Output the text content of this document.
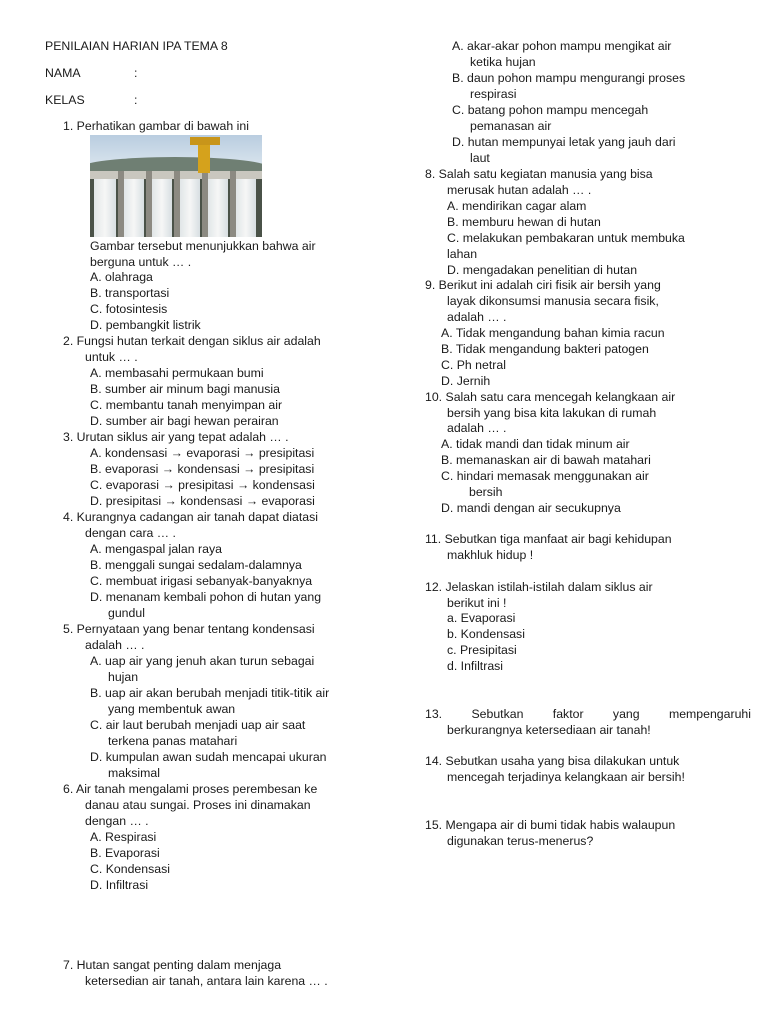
PENILAIAN HARIAN IPA TEMA 8
NAMA	:
KELAS	:
1. Perhatikan gambar di bawah ini
Gambar tersebut menunjukkan bahwa air
berguna untuk … .
A. olahraga
B. transportasi
C. fotosintesis
D. pembangkit listrik
2. Fungsi hutan terkait dengan siklus air adalah
untuk … .
A. membasahi permukaan bumi
B. sumber air minum bagi manusia
C. membantu tanah menyimpan air
D. sumber air bagi hewan perairan
3. Urutan siklus air yang tepat adalah … .
A. kondensasi → evaporasi → presipitasi
B. evaporasi → kondensasi → presipitasi
C. evaporasi → presipitasi → kondensasi
D. presipitasi → kondensasi → evaporasi
4. Kurangnya cadangan air tanah dapat diatasi
dengan cara … .
A. mengaspal jalan raya
B. menggali sungai sedalam-dalamnya
C. membuat irigasi sebanyak-banyaknya
D. menanam kembali pohon di hutan yang
gundul
5. Pernyataan yang benar tentang kondensasi
adalah … .
A. uap air yang jenuh akan turun sebagai
hujan
B. uap air akan berubah menjadi titik-titik air
yang membentuk awan
C. air laut berubah menjadi uap air saat
terkena panas matahari
D. kumpulan awan sudah mencapai ukuran
maksimal
6. Air tanah mengalami proses perembesan ke
danau atau sungai. Proses ini dinamakan
dengan … .
A. Respirasi
B. Evaporasi
C. Kondensasi
D. Infiltrasi
7. Hutan sangat penting dalam menjaga
ketersedian air tanah, antara lain karena … .
A. akar-akar pohon mampu mengikat air
ketika hujan
B. daun pohon mampu mengurangi proses
respirasi
C. batang pohon mampu mencegah
pemanasan air
D. hutan mempunyai letak yang jauh dari
laut
8. Salah satu kegiatan manusia yang bisa
merusak hutan adalah … .
A. mendirikan cagar alam
B. memburu hewan di hutan
C. melakukan pembakaran untuk membuka
lahan
D. mengadakan penelitian di hutan
9. Berikut ini adalah ciri fisik air bersih yang
layak dikonsumsi manusia secara fisik,
adalah … .
A. Tidak mengandung bahan kimia racun
B. Tidak mengandung bakteri patogen
C. Ph netral
D. Jernih
10. Salah satu cara mencegah kelangkaan air
bersih yang bisa kita lakukan di rumah
adalah … .
A. tidak mandi dan tidak minum air
B. memanaskan air di bawah matahari
C. hindari memasak menggunakan air
bersih
D. mandi dengan air secukupnya
11. Sebutkan tiga manfaat air bagi kehidupan
makhluk hidup !
12. Jelaskan istilah-istilah dalam siklus air
berikut ini !
a. Evaporasi
b. Kondensasi
c. Presipitasi
d. Infiltrasi
13. Sebutkan faktor yang mempengaruhi
berkurangnya ketersediaan air tanah!
14. Sebutkan usaha yang bisa dilakukan untuk
mencegah terjadinya kelangkaan air bersih!
15. Mengapa air di bumi tidak habis walaupun
digunakan terus-menerus?
